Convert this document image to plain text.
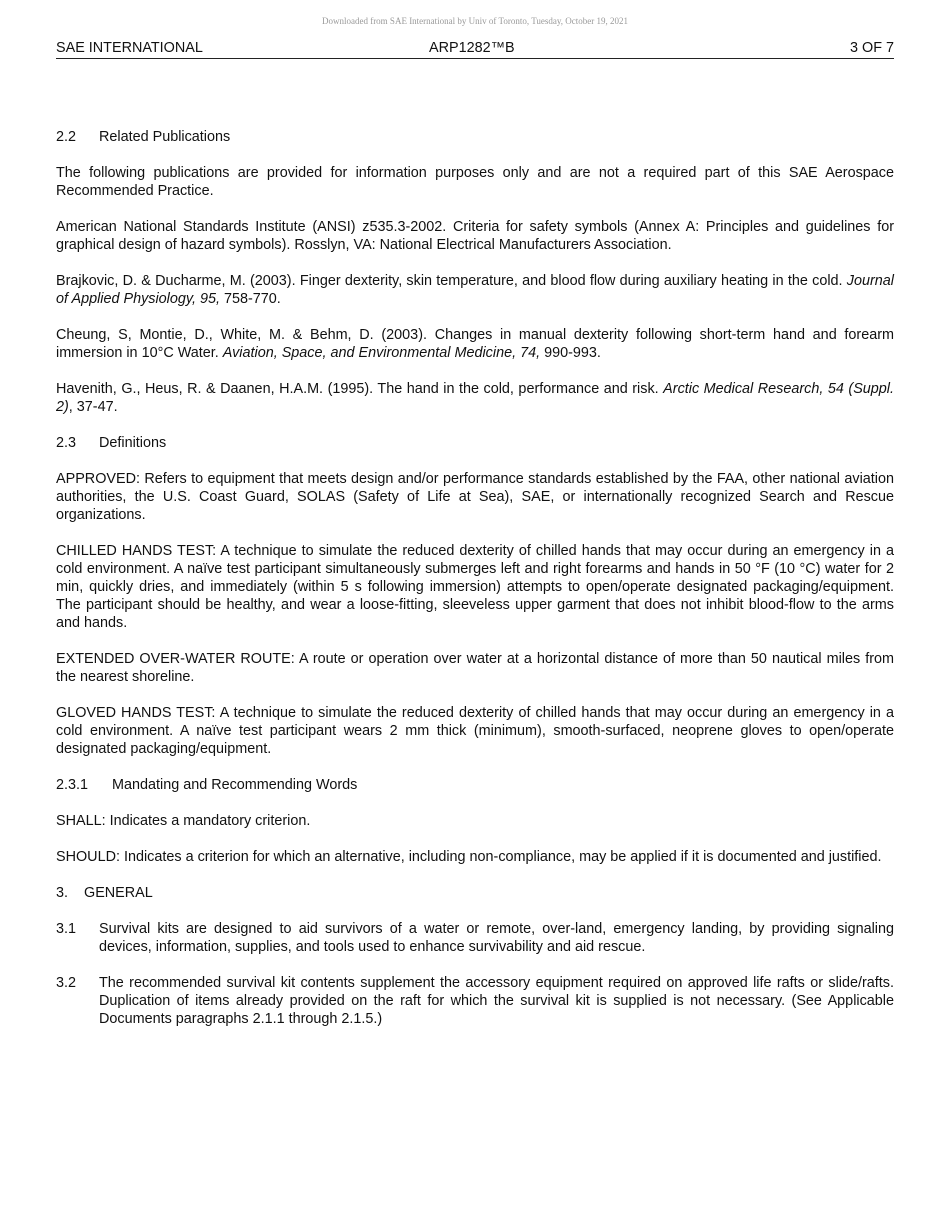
Downloaded from SAE International by Univ of Toronto, Tuesday, October 19, 2021
SAE INTERNATIONAL	ARP1282™B	3 OF 7
2.2 Related Publications

The following publications are provided for information purposes only and are not a required part of this SAE Aerospace Recommended Practice.

American National Standards Institute (ANSI) z535.3-2002. Criteria for safety symbols (Annex A: Principles and guidelines for graphical design of hazard symbols). Rosslyn, VA: National Electrical Manufacturers Association.

Brajkovic, D. & Ducharme, M. (2003). Finger dexterity, skin temperature, and blood flow during auxiliary heating in the cold. Journal of Applied Physiology, 95, 758-770.

Cheung, S, Montie, D., White, M. & Behm, D. (2003). Changes in manual dexterity following short-term hand and forearm immersion in 10°C Water. Aviation, Space, and Environmental Medicine, 74, 990-993.

Havenith, G., Heus, R. & Daanen, H.A.M. (1995). The hand in the cold, performance and risk. Arctic Medical Research, 54 (Suppl. 2), 37-47.

2.3 Definitions

APPROVED: Refers to equipment that meets design and/or performance standards established by the FAA, other national aviation authorities, the U.S. Coast Guard, SOLAS (Safety of Life at Sea), SAE, or internationally recognized Search and Rescue organizations.

CHILLED HANDS TEST: A technique to simulate the reduced dexterity of chilled hands that may occur during an emergency in a cold environment. A naïve test participant simultaneously submerges left and right forearms and hands in 50 °F (10 °C) water for 2 min, quickly dries, and immediately (within 5 s following immersion) attempts to open/operate designated packaging/equipment. The participant should be healthy, and wear a loose-fitting, sleeveless upper garment that does not inhibit blood-flow to the arms and hands.

EXTENDED OVER-WATER ROUTE: A route or operation over water at a horizontal distance of more than 50 nautical miles from the nearest shoreline.

GLOVED HANDS TEST: A technique to simulate the reduced dexterity of chilled hands that may occur during an emergency in a cold environment. A naïve test participant wears 2 mm thick (minimum), smooth-surfaced, neoprene gloves to open/operate designated packaging/equipment.

2.3.1 Mandating and Recommending Words

SHALL: Indicates a mandatory criterion.

SHOULD: Indicates a criterion for which an alternative, including non-compliance, may be applied if it is documented and justified.

3. GENERAL
3.1	Survival kits are designed to aid survivors of a water or remote, over-land, emergency landing, by providing signaling devices, information, supplies, and tools used to enhance survivability and aid rescue.
3.2	The recommended survival kit contents supplement the accessory equipment required on approved life rafts or slide/rafts. Duplication of items already provided on the raft for which the survival kit is supplied is not necessary. (See Applicable Documents paragraphs 2.1.1 through 2.1.5.)
